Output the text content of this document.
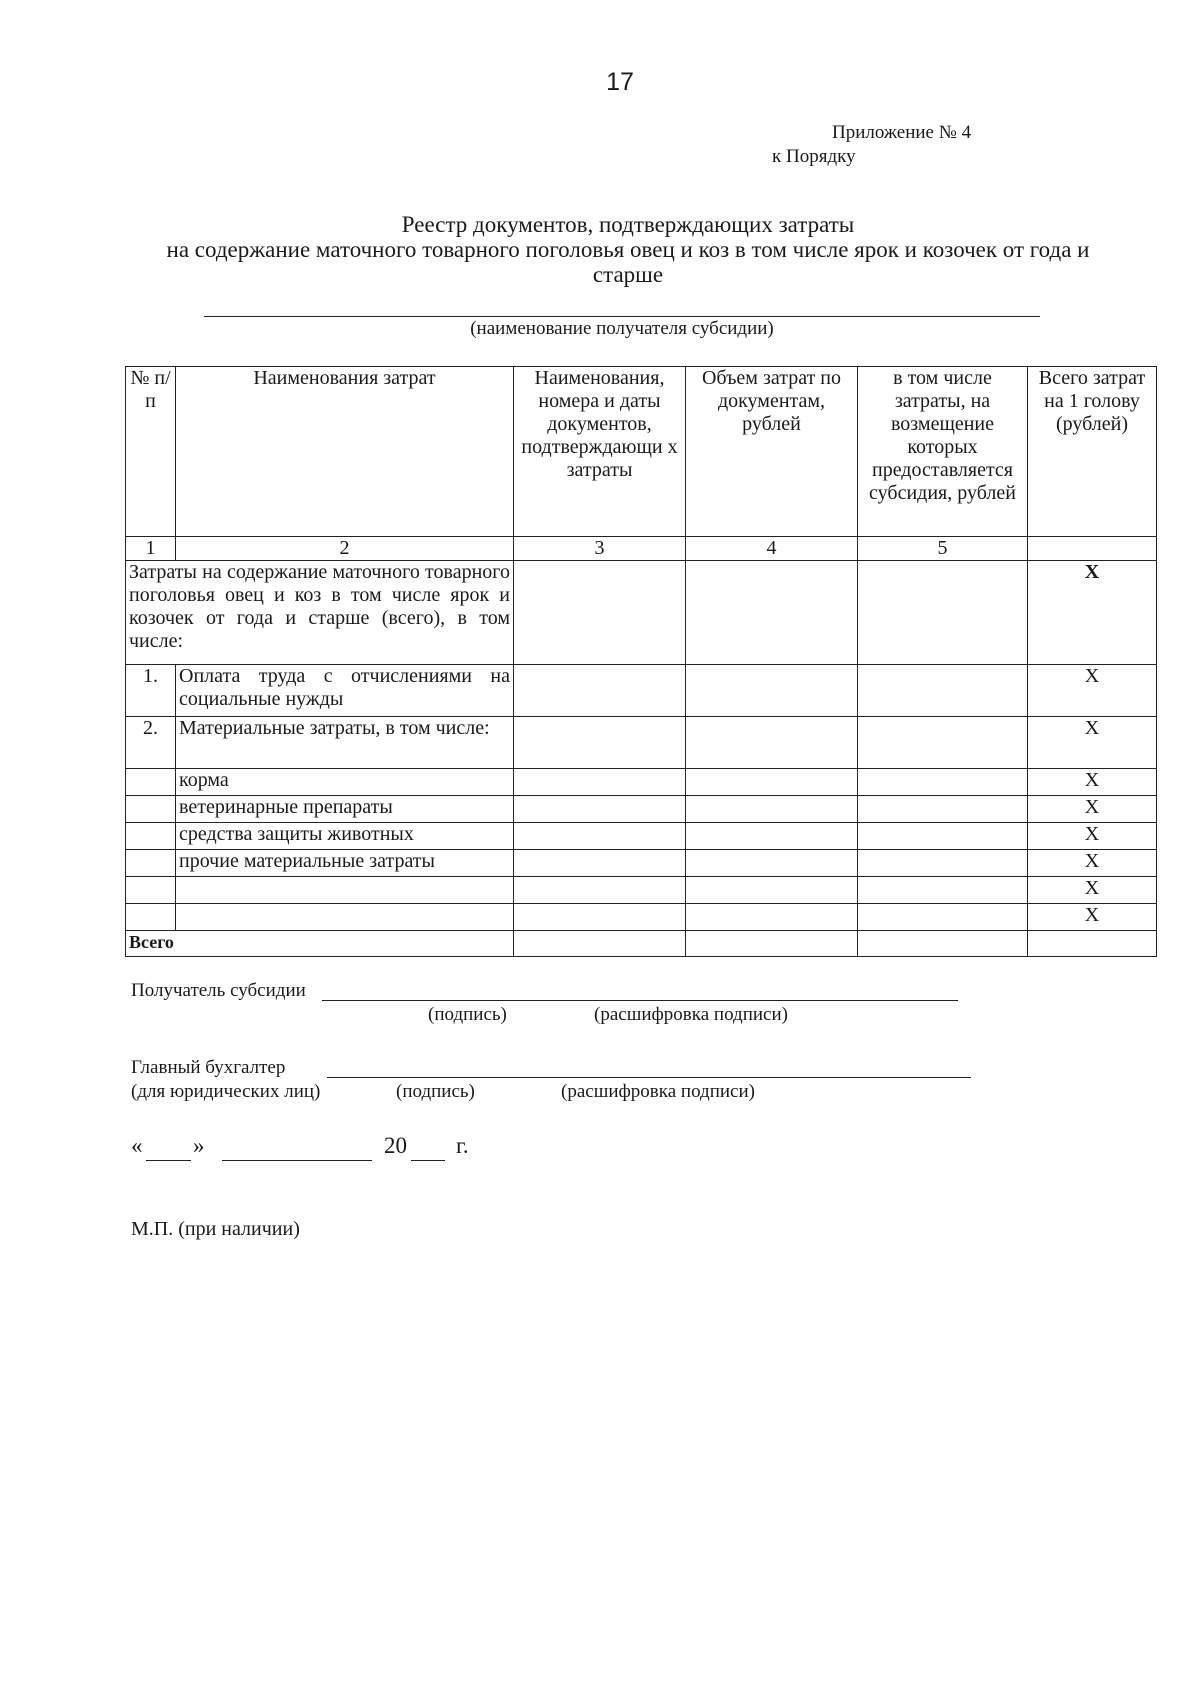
17
Приложение № 4
к Порядку
Реестр документов, подтверждающих затраты
на содержание маточного товарного поголовья овец и коз в том числе ярок и козочек от года и
старше
(наименование получателя субсидии)
№ п/п	Наименования затрат	Наименования, номера и даты документов, подтверждающи х затраты	Объем затрат по документам, рублей	в том числе затраты, на возмещение которых предоставляется субсидия, рублей	Всего затрат на 1 голову (рублей)
1	2	3	4	5	
Затраты на содержание маточного товарного поголовья овец и коз в том числе ярок и козочек от года и старше (всего), в том числе:					X
1.	Оплата труда с отчислениями на социальные нужды				X
2.	Материальные затраты, в том числе:				X
	корма				X
	ветеринарные препараты				X
	средства защиты животных				X
	прочие материальные затраты				X
					X
					X
Всего					
Получатель субсидии
(подпись)	(расшифровка подписи)
Главный бухгалтер
(для юридических лиц)	(подпись)	(расшифровка подписи)
« »	20 г.
М.П. (при наличии)
